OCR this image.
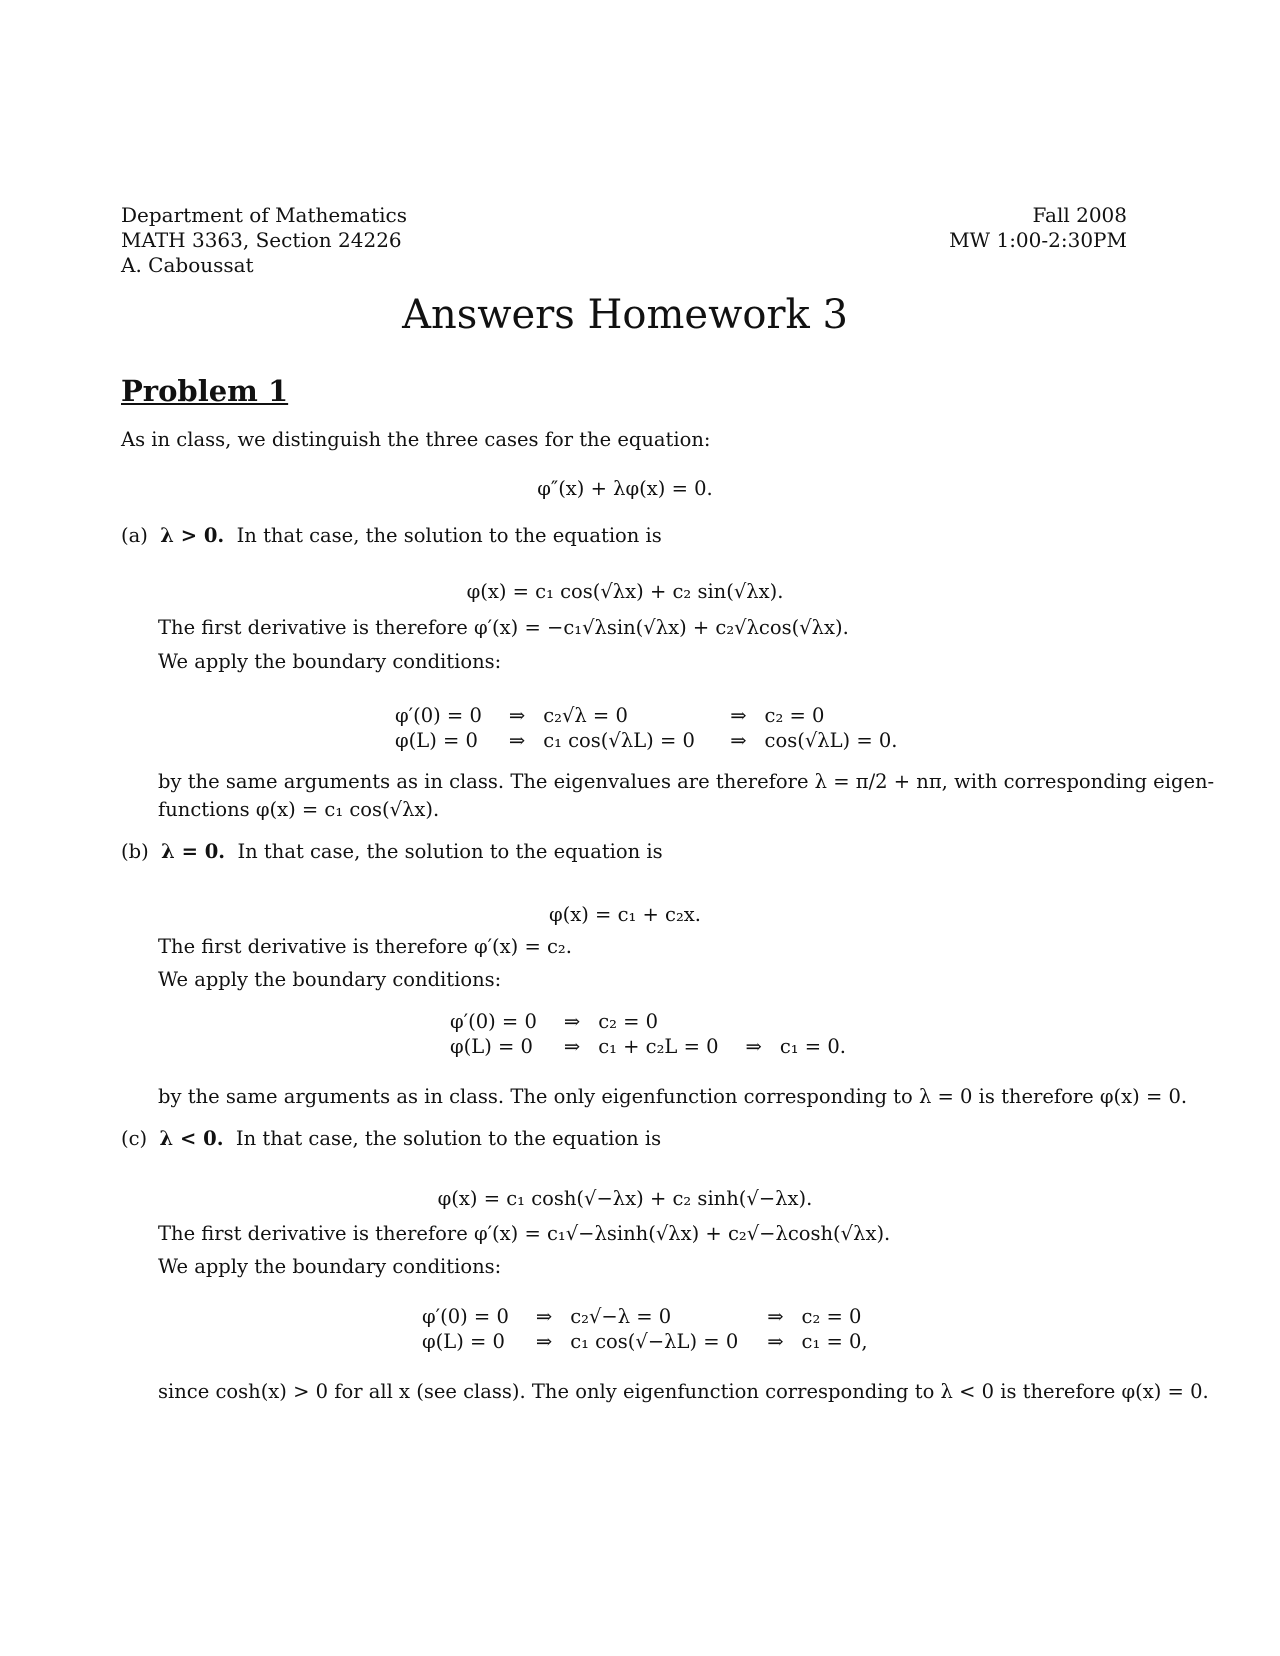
Department of Mathematics
MATH 3363, Section 24226
A. Caboussat
Fall 2008
MW 1:00-2:30PM
Answers Homework 3
Problem 1
As in class, we distinguish the three cases for the equation:
φ″(x) + λφ(x) = 0.
(a) λ > 0. In that case, the solution to the equation is
φ(x) = c₁ cos(√λx) + c₂ sin(√λx).
The first derivative is therefore φ′(x) = −c₁√λsin(√λx) + c₂√λcos(√λx).
We apply the boundary conditions:
φ′(0) = 0	⇒	c₂√λ = 0	⇒	c₂ = 0
φ(L) = 0	⇒	c₁ cos(√λL) = 0	⇒	cos(√λL) = 0.
by the same arguments as in class. The eigenvalues are therefore λ = π/2 + nπ, with corresponding eigen-
functions φ(x) = c₁ cos(√λx).
(b) λ = 0. In that case, the solution to the equation is
φ(x) = c₁ + c₂x.
The first derivative is therefore φ′(x) = c₂.
We apply the boundary conditions:
φ′(0) = 0	⇒	c₂ = 0		
φ(L) = 0	⇒	c₁ + c₂L = 0	⇒	c₁ = 0.
by the same arguments as in class. The only eigenfunction corresponding to λ = 0 is therefore φ(x) = 0.
(c) λ < 0. In that case, the solution to the equation is
φ(x) = c₁ cosh(√−λx) + c₂ sinh(√−λx).
The first derivative is therefore φ′(x) = c₁√−λsinh(√λx) + c₂√−λcosh(√λx).
We apply the boundary conditions:
φ′(0) = 0	⇒	c₂√−λ = 0	⇒	c₂ = 0
φ(L) = 0	⇒	c₁ cos(√−λL) = 0	⇒	c₁ = 0,
since cosh(x) > 0 for all x (see class). The only eigenfunction corresponding to λ < 0 is therefore φ(x) = 0.
